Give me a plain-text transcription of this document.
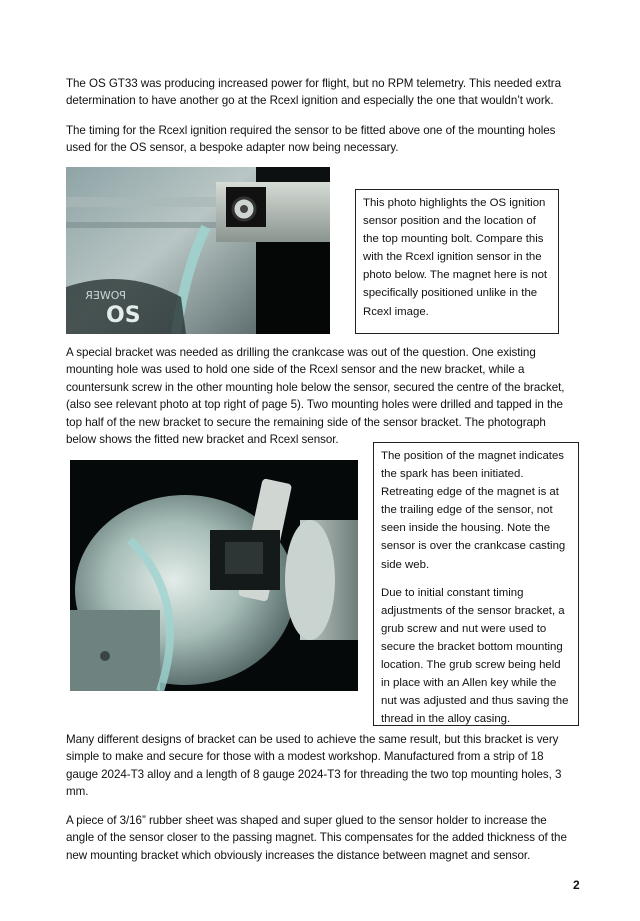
The OS GT33 was producing increased power for flight, but no RPM telemetry. This needed extra determination to have another go at the Rcexl ignition and especially the one that wouldn’t work.

The timing for the Rcexl ignition required the sensor to be fitted above one of the mounting holes used for the OS sensor, a bespoke adapter now being necessary.

POWER
OS
This photo highlights the OS ignition sensor position and the location of the top mounting bolt. Compare this with the Rcexl ignition sensor in the photo below. The magnet here is not specifically positioned unlike in the Rcexl image.

A special bracket was needed as drilling the crankcase was out of the question. One existing mounting hole was used to hold one side of the Rcexl sensor and the new bracket, while a countersunk screw in the other mounting hole below the sensor, secured the centre of the bracket, (also see relevant photo at top right of page 5). Two mounting holes were drilled and tapped in the top half of the new bracket to secure the remaining side of the sensor bracket. The photograph below shows the fitted new bracket and Rcexl sensor.

The position of the magnet indicates the spark has been initiated. Retreating edge of the magnet is at the trailing edge of the sensor, not seen inside the housing. Note the sensor is over the crankcase casting side web.
Due to initial constant timing adjustments of the sensor bracket, a grub screw and nut were used to secure the bracket bottom mounting location. The grub screw being held in place with an Allen key while the nut was adjusted and thus saving the thread in the alloy casing.

Many different designs of bracket can be used to achieve the same result, but this bracket is very simple to make and secure for those with a modest workshop. Manufactured from a strip of 18 gauge 2024-T3 alloy and a length of 8 gauge 2024-T3 for threading the two top mounting holes, 3 mm.

A piece of 3/16” rubber sheet was shaped and super glued to the sensor holder to increase the angle of the sensor closer to the passing magnet. This compensates for the added thickness of the new mounting bracket which obviously increases the distance between magnet and sensor.

2
